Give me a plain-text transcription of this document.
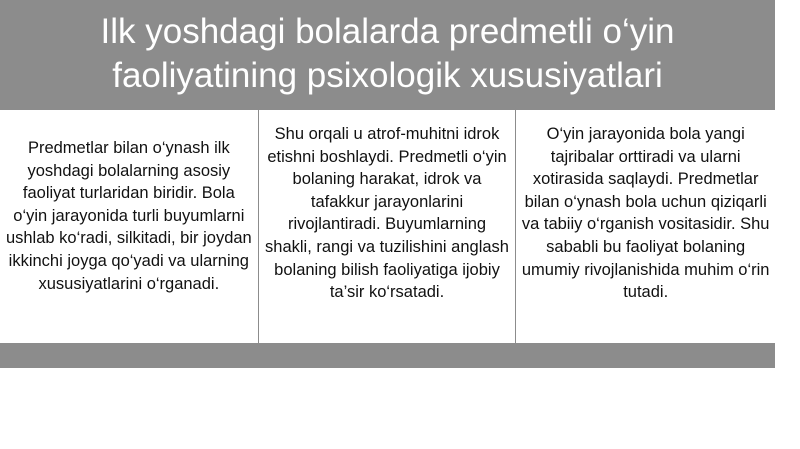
Ilk yoshdagi bolalarda predmetli o‘yin
faoliyatining psixologik xususiyatlari
Predmetlar bilan o‘ynash ilk yoshdagi bolalarning asosiy faoliyat turlaridan biridir. Bola o‘yin jarayonida turli buyumlarni ushlab ko‘radi, silkitadi, bir joydan ikkinchi joyga qo‘yadi va ularning xususiyatlarini o‘rganadi.
Shu orqali u atrof-muhitni idrok etishni boshlaydi. Predmetli o‘yin bolaning harakat, idrok va tafakkur jarayonlarini rivojlantiradi. Buyumlarning shakli, rangi va tuzilishini anglash bolaning bilish faoliyatiga ijobiy ta’sir ko‘rsatadi.
O‘yin jarayonida bola yangi tajribalar orttiradi va ularni xotirasida saqlaydi. Predmetlar bilan o‘ynash bola uchun qiziqarli va tabiiy o‘rganish vositasidir. Shu sababli bu faoliyat bolaning umumiy rivojlanishida muhim o‘rin tutadi.
